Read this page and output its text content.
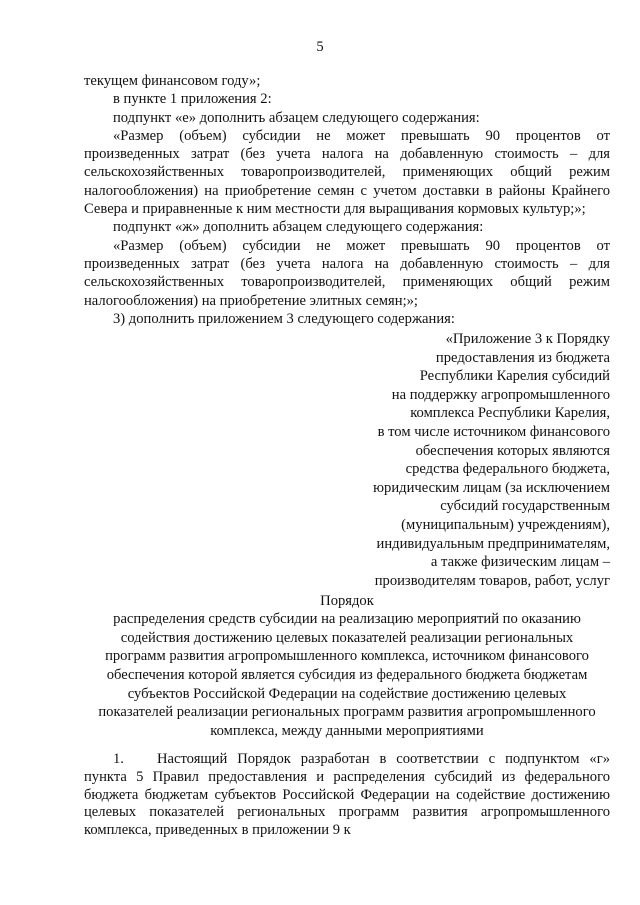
5

текущем финансовом году»;

в пункте 1 приложения 2:

подпункт «е» дополнить абзацем следующего содержания:

«Размер (объем) субсидии не может превышать 90 процентов от произведенных затрат (без учета налога на добавленную стоимость – для сельскохозяйственных товаропроизводителей, применяющих общий режим налогообложения) на приобретение семян с учетом доставки в районы Крайнего Севера и приравненные к ним местности для выращивания кормовых культур;»;

подпункт «ж» дополнить абзацем следующего содержания:

«Размер (объем) субсидии не может превышать 90 процентов от произведенных затрат (без учета налога на добавленную стоимость – для сельскохозяйственных товаропроизводителей, применяющих общий режим налогообложения) на приобретение элитных семян;»;

3) дополнить приложением 3 следующего содержания:

«Приложение 3 к Порядку
предоставления из бюджета
Республики Карелия субсидий
на поддержку агропромышленного
комплекса Республики Карелия,
в том числе источником финансового
обеспечения которых являются
средства федерального бюджета,
юридическим лицам (за исключением
субсидий государственным
(муниципальным) учреждениям),
индивидуальным предпринимателям,
а также физическим лицам –
производителям товаров, работ, услуг
Порядок
распределения средств субсидии на реализацию мероприятий по оказанию
содействия достижению целевых показателей реализации региональных
программ развития агропромышленного комплекса, источником финансового
обеспечения которой является субсидия из федерального бюджета бюджетам
субъектов Российской Федерации на содействие достижению целевых
показателей реализации региональных программ развития агропромышленного
комплекса, между данными мероприятиями
1. Настоящий Порядок разработан в соответствии с подпунктом «г» пункта 5 Правил предоставления и распределения субсидий из федерального бюджета бюджетам субъектов Российской Федерации на содействие достижению целевых показателей региональных программ развития агропромышленного комплекса, приведенных в приложении 9 к
